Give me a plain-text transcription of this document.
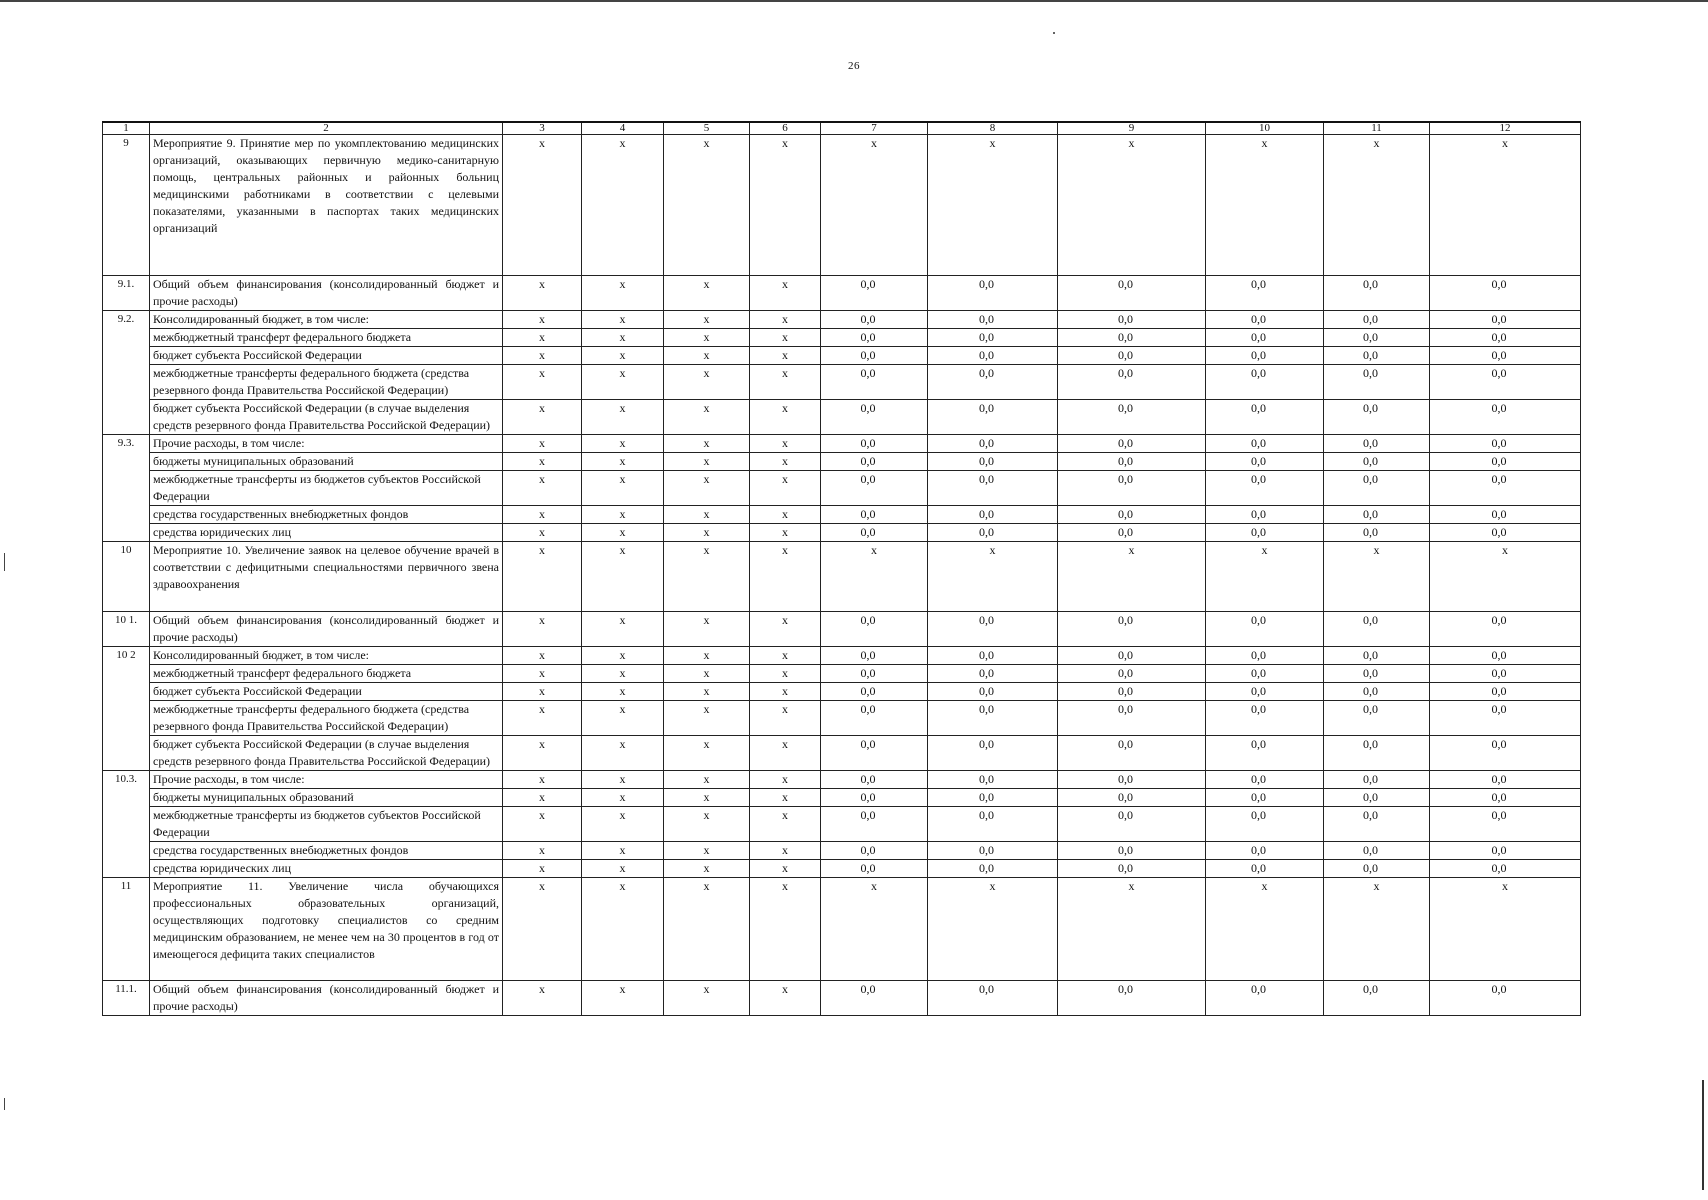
26
1	2	3	4	5	6	7	8	9	10	11	12
9	Мероприятие 9. Принятие мер по укомплектованию медицинских организаций, оказывающих первичную медико-санитарную помощь, центральных районных и районных больниц медицинскими работниками в соответствии с целевыми показателями, указанными в паспортах таких медицинских организаций	x	x	x	x	x	x	x	x	x	x
9.1.	Общий объем финансирования (консолидированный бюджет и прочие расходы)	x	x	x	x	0,0	0,0	0,0	0,0	0,0	0,0
9.2.	Консолидированный бюджет, в том числе:	x	x	x	x	0,0	0,0	0,0	0,0	0,0	0,0
	межбюджетный трансферт федерального бюджета	x	x	x	x	0,0	0,0	0,0	0,0	0,0	0,0
	бюджет субъекта Российской Федерации	x	x	x	x	0,0	0,0	0,0	0,0	0,0	0,0
	межбюджетные трансферты федерального бюджета (средства резервного фонда Правительства Российской Федерации)	x	x	x	x	0,0	0,0	0,0	0,0	0,0	0,0
	бюджет субъекта Российской Федерации (в случае выделения средств резервного фонда Правительства Российской Федерации)	x	x	x	x	0,0	0,0	0,0	0,0	0,0	0,0
9.3.	Прочие расходы, в том числе:	x	x	x	x	0,0	0,0	0,0	0,0	0,0	0,0
	бюджеты муниципальных образований	x	x	x	x	0,0	0,0	0,0	0,0	0,0	0,0
	межбюджетные трансферты из бюджетов субъектов Российской Федерации	x	x	x	x	0,0	0,0	0,0	0,0	0,0	0,0
	средства государственных внебюджетных фондов	x	x	x	x	0,0	0,0	0,0	0,0	0,0	0,0
	средства юридических лиц	x	x	x	x	0,0	0,0	0,0	0,0	0,0	0,0
10	Мероприятие 10. Увеличение заявок на целевое обучение врачей в соответствии с дефицитными специальностями первичного звена здравоохранения	x	x	x	x	x	x	x	x	x	x
10 1.	Общий объем финансирования (консолидированный бюджет и прочие расходы)	x	x	x	x	0,0	0,0	0,0	0,0	0,0	0,0
10 2	Консолидированный бюджет, в том числе:	x	x	x	x	0,0	0,0	0,0	0,0	0,0	0,0
	межбюджетный трансферт федерального бюджета	x	x	x	x	0,0	0,0	0,0	0,0	0,0	0,0
	бюджет субъекта Российской Федерации	x	x	x	x	0,0	0,0	0,0	0,0	0,0	0,0
	межбюджетные трансферты федерального бюджета (средства резервного фонда Правительства Российской Федерации)	x	x	x	x	0,0	0,0	0,0	0,0	0,0	0,0
	бюджет субъекта Российской Федерации (в случае выделения средств резервного фонда Правительства Российской Федерации)	x	x	x	x	0,0	0,0	0,0	0,0	0,0	0,0
10.3.	Прочие расходы, в том числе:	x	x	x	x	0,0	0,0	0,0	0,0	0,0	0,0
	бюджеты муниципальных образований	x	x	x	x	0,0	0,0	0,0	0,0	0,0	0,0
	межбюджетные трансферты из бюджетов субъектов Российской Федерации	x	x	x	x	0,0	0,0	0,0	0,0	0,0	0,0
	средства государственных внебюджетных фондов	x	x	x	x	0,0	0,0	0,0	0,0	0,0	0,0
	средства юридических лиц	x	x	x	x	0,0	0,0	0,0	0,0	0,0	0,0
11	Мероприятие 11. Увеличение числа обучающихся профессиональных образовательных организаций, осуществляющих подготовку специалистов со средним медицинским образованием, не менее чем на 30 процентов в год от имеющегося дефицита таких специалистов	x	x	x	x	x	x	x	x	x	x
11.1.	Общий объем финансирования (консолидированный бюджет и прочие расходы)	x	x	x	x	0,0	0,0	0,0	0,0	0,0	0,0
